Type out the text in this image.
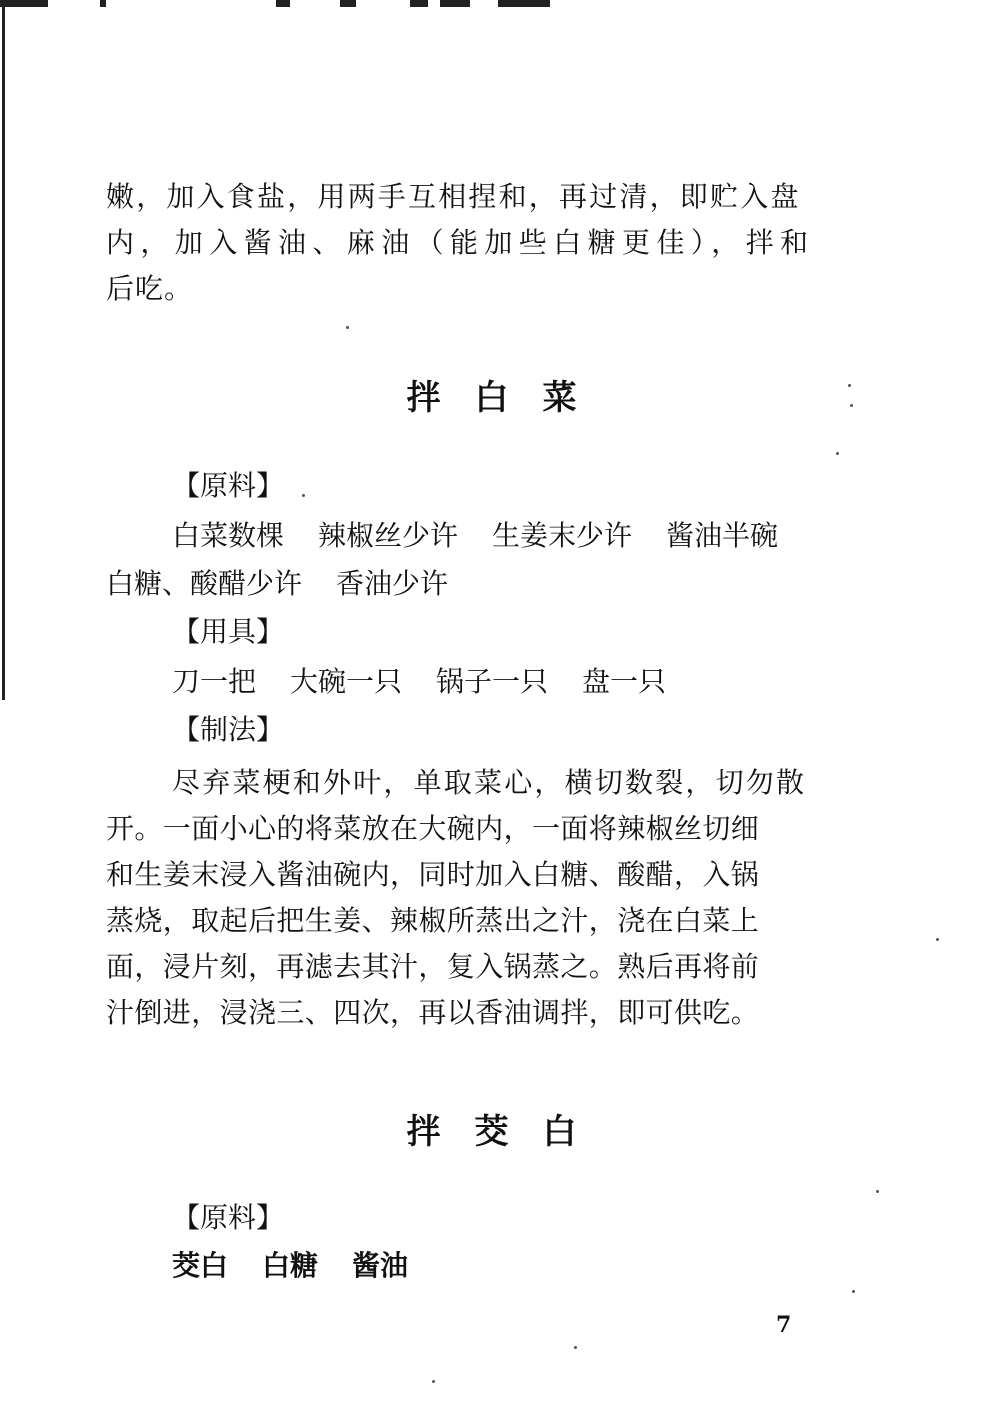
嫩，加入食盐，用两手互相捏和，再过清，即贮入盘
内，加入酱油、麻油（能加些白糖更佳），拌和
后吃。
拌白菜

【原料】

白菜数棵 辣椒丝少许 生姜末少许 酱油半碗

白糖、酸醋少许 香油少许

【用具】

刀一把 大碗一只 锅子一只 盘一只

【制法】

尽弃菜梗和外叶，单取菜心，横切数裂，切勿散
开。一面小心的将菜放在大碗内，一面将辣椒丝切细
和生姜末浸入酱油碗内，同时加入白糖、酸醋，入锅
蒸烧，取起后把生姜、辣椒所蒸出之汁，浇在白菜上
面，浸片刻，再滤去其汁，复入锅蒸之。熟后再将前
汁倒进，浸浇三、四次，再以香油调拌，即可供吃。
拌茭白

【原料】

茭白 白糖 酱油

7
